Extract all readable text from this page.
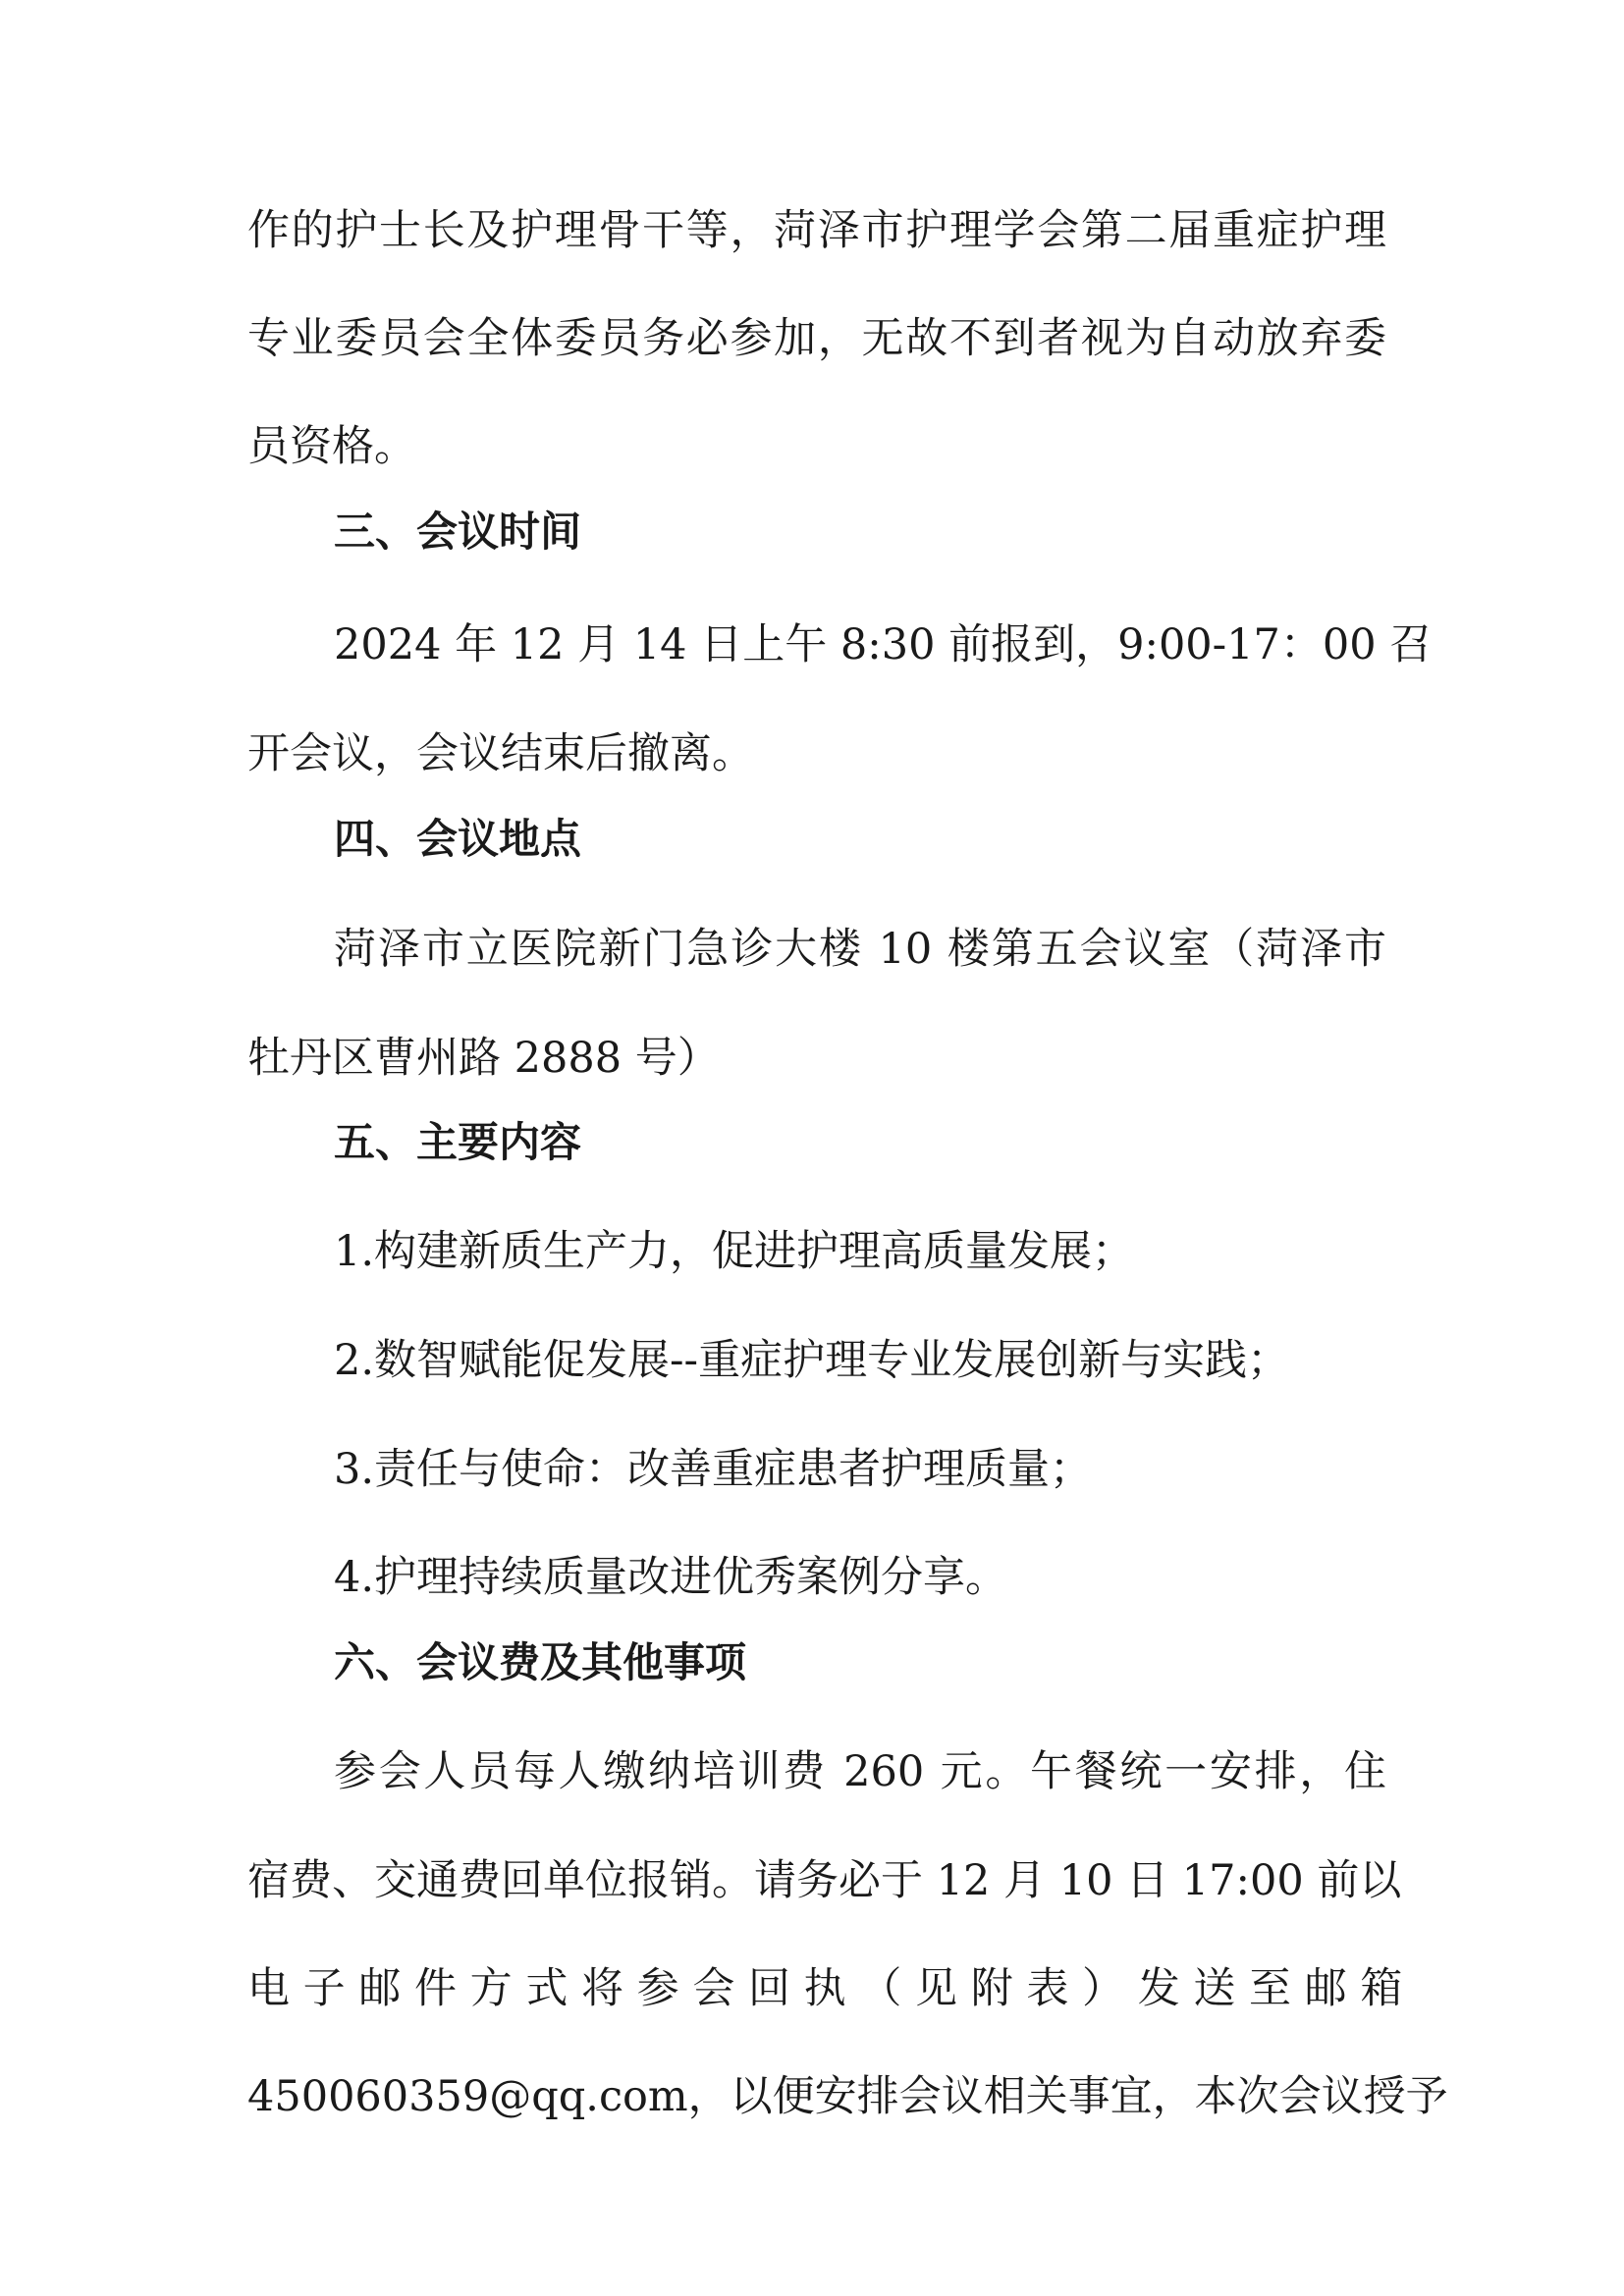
作的护士长及护理骨干等，菏泽市护理学会第二届重症护理
专业委员会全体委员务必参加，无故不到者视为自动放弃委
员资格。
三、会议时间
2024 年 12 月 14 日上午 8:30 前报到，9:00-17：00 召
开会议，会议结束后撤离。
四、会议地点
菏泽市立医院新门急诊大楼 10 楼第五会议室（菏泽市
牡丹区曹州路 2888 号）
五、主要内容
1.构建新质生产力，促进护理高质量发展；
2.数智赋能促发展--重症护理专业发展创新与实践；
3.责任与使命：改善重症患者护理质量；
4.护理持续质量改进优秀案例分享。
六、会议费及其他事项
参会人员每人缴纳培训费 260 元。午餐统一安排，住
宿费、交通费回单位报销。请务必于 12 月 10 日 17:00 前以
电 子 邮 件 方 式 将 参 会 回 执 （ 见 附 表 ） 发 送 至 邮 箱
450060359@qq.com，以便安排会议相关事宜，本次会议授予
